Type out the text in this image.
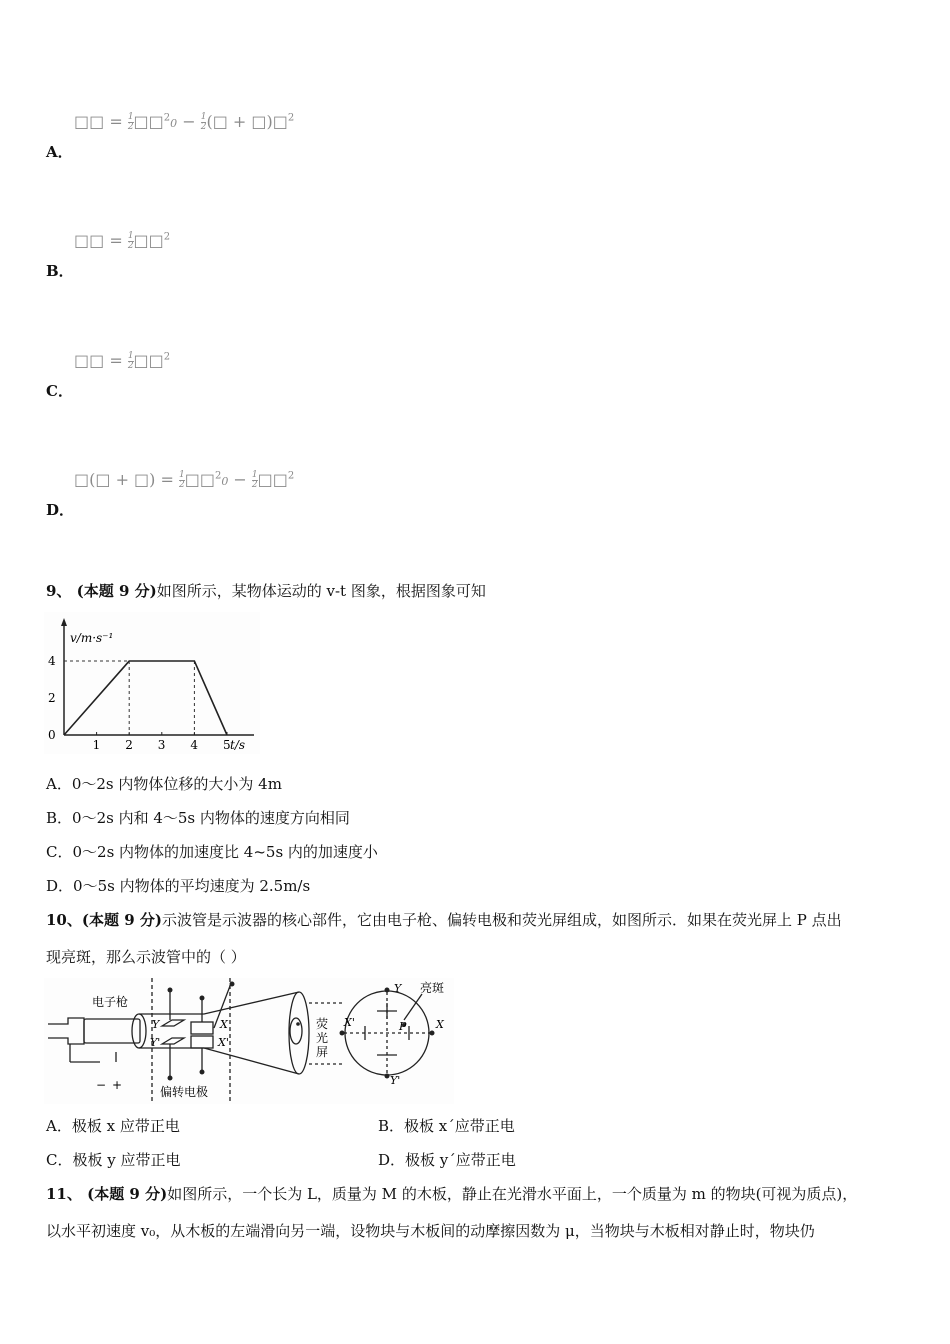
□□ = $\frac{1}{2}$ □□$^2$0 − $\frac{1}{2}$ (□ + □)□$^2$
A．
□□ = $\frac{1}{2}$ □□$^2$
B．
□□ = $\frac{1}{2}$ □□$^2$
C．
□(□ + □) = $\frac{1}{2}$ □□$^2$0 − $\frac{1}{2}$ □□$^2$
D．
9、 (本题 9 分)如图所示，某物体运动的 v-t 图象，根据图象可知
v/m·s⁻¹
t/s
1 2 3 4 5
0
2
4
A．0～2s 内物体位移的大小为 4m
B．0～2s 内和 4～5s 内物体的速度方向相同
C．0～2s 内物体的加速度比 4~5s 内的加速度小
D．0～5s 内物体的平均速度为 2.5m/s
10、(本题 9 分)示波管是示波器的核心部件，它由电子枪、偏转电极和荧光屏组成，如图所示．如果在荧光屏上 P 点出
现亮斑，那么示波管中的（ ）
电子枪
偏转电极
荧
光
屏
亮斑
Y
Y'
X
X'
Y
Y'
X
X'	P
− +
A．极板 x 应带正电	B．极板 x´应带正电
C．极板 y 应带正电	D．极板 y´应带正电
11、 (本题 9 分)如图所示，一个长为 L，质量为 M 的木板，静止在光滑水平面上，一个质量为 m 的物块(可视为质点)，
以水平初速度 v₀，从木板的左端滑向另一端，设物块与木板间的动摩擦因数为 μ，当物块与木板相对静止时，物块仍
